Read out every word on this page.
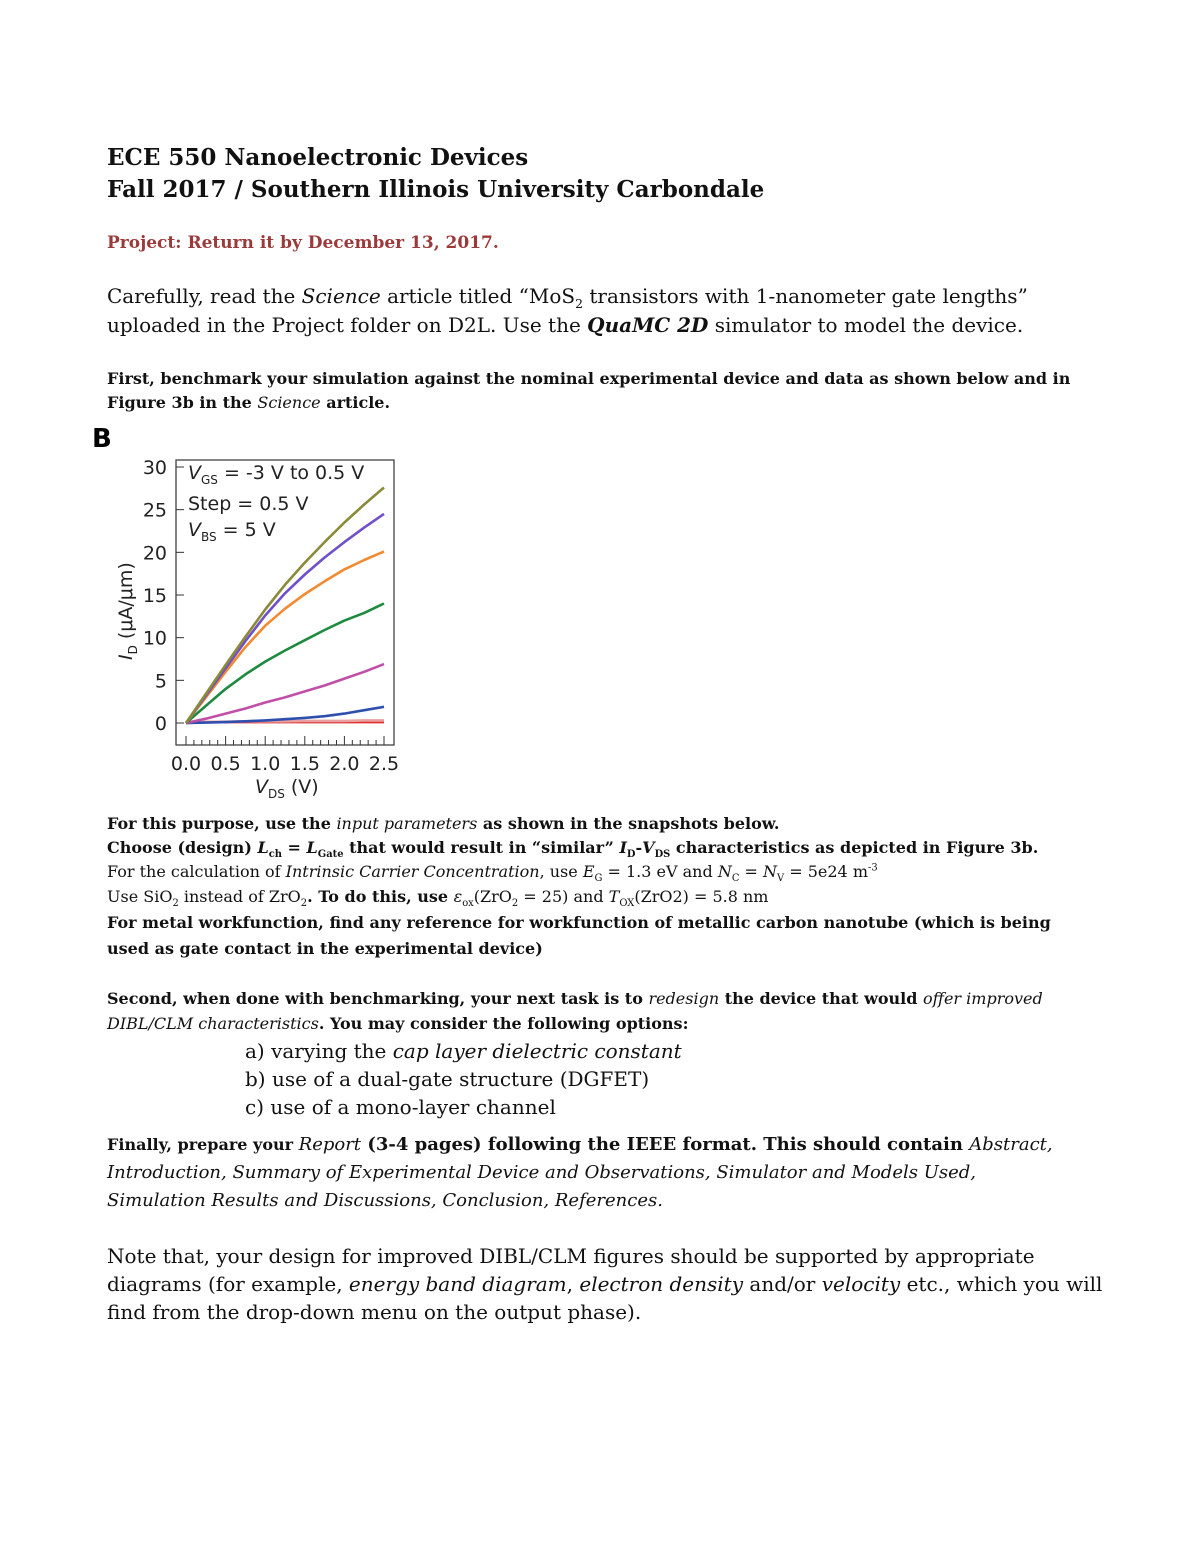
ECE 550 Nanoelectronic Devices
Fall 2017 / Southern Illinois University Carbondale
Project: Return it by December 13, 2017.
Carefully, read the Science article titled “MoS$_2$ transistors with 1-nanometer gate lengths”
uploaded in the Project folder on D2L. Use the QuaMC 2D simulator to model the device.
First, benchmark your simulation against the nominal experimental device and data as shown below and in
Figure 3b in the Science article.
B
0
5
10
15
20
25
30
0.0 0.5 1.0 1.5 2.0 2.5
$V_{GS} = -3$ V to 0.5 V
Step = 0.5 V
$V_{BS} = 5$ V
$V_{DS}$ (V)
$I_D$ (μA/μm)
For this purpose, use the input parameters as shown in the snapshots below.
Choose (design) $L_{ch} = L_{Gate}$ that would result in “similar” $I_D-V_{DS}$ characteristics as depicted in Figure 3b.
For the calculation of Intrinsic Carrier Concentration, use $E_G = 1.3$ eV and $N_C = N_V = 5e24$ $m^{-3}$
Use SiO$_2$ instead of ZrO$_2$. To do this, use $\varepsilon_{ox}(ZrO_2 = 25)$ and $T_{OX}(ZrO2) = 5.8$ nm
For metal workfunction, find any reference for workfunction of metallic carbon nanotube (which is being
used as gate contact in the experimental device)
Second, when done with benchmarking, your next task is to redesign the device that would offer improved
DIBL/CLM characteristics. You may consider the following options:
a) varying the cap layer dielectric constant
b) use of a dual-gate structure (DGFET)
c) use of a mono-layer channel
Finally, prepare your Report (3-4 pages) following the IEEE format. This should contain Abstract,
Introduction, Summary of Experimental Device and Observations, Simulator and Models Used,
Simulation Results and Discussions, Conclusion, References.
Note that, your design for improved DIBL/CLM figures should be supported by appropriate
diagrams (for example, energy band diagram, electron density and/or velocity etc., which you will
find from the drop-down menu on the output phase).
